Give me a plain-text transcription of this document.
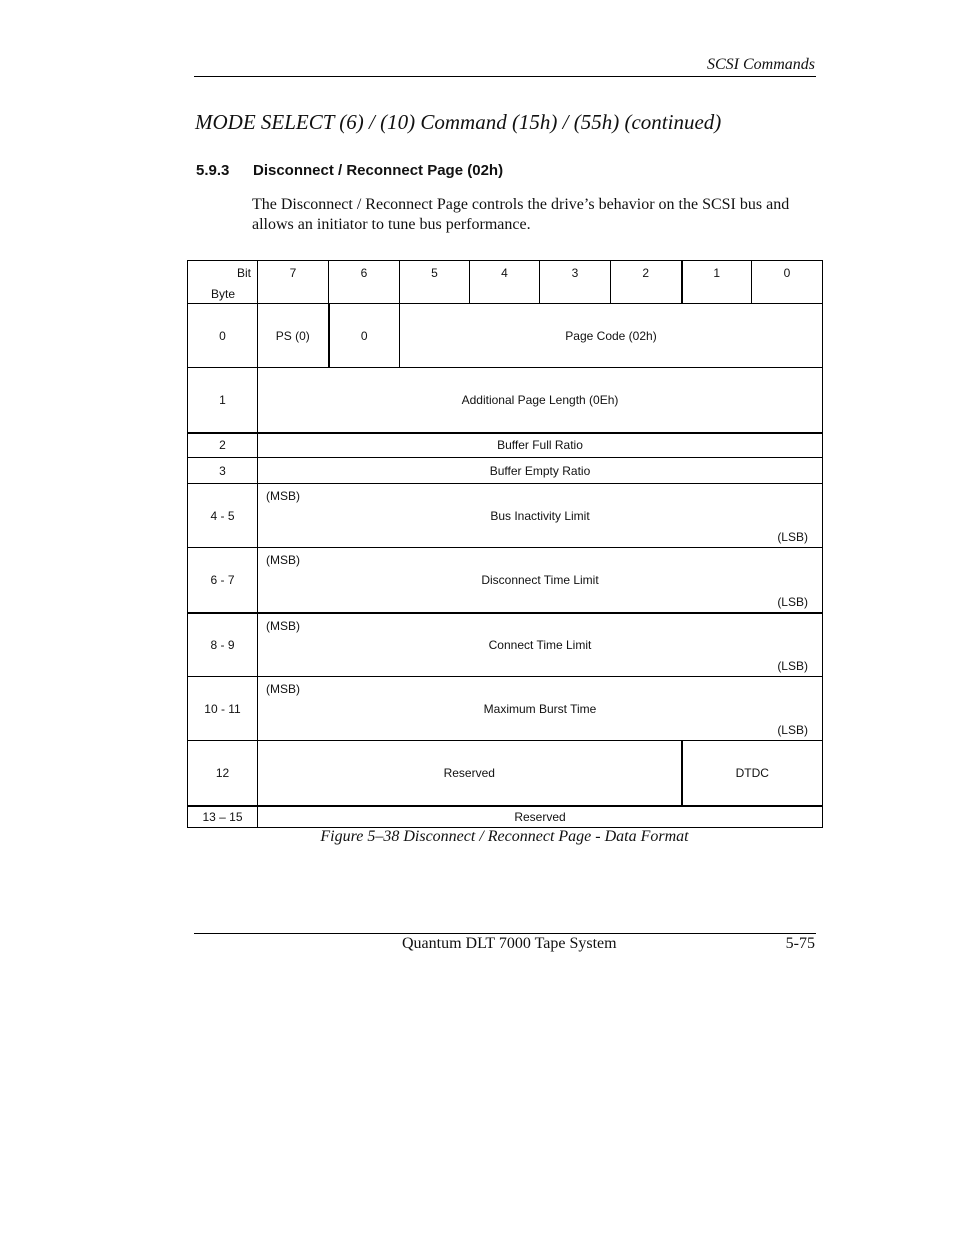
SCSI Commands
MODE SELECT (6) / (10) Command (15h) / (55h) (continued)
5.9.3 Disconnect / Reconnect Page (02h)
The Disconnect / Reconnect Page controls the drive’s behavior on the SCSI bus and allows an initiator to tune bus performance.
Bit
Byte	7	6	5	4	3	2	1	0

0	PS (0)	0	Page Code (02h)					
1	Additional Page Length (0Eh)							
2	Buffer Full Ratio							
3	Buffer Empty Ratio							
4 - 5	(MSB)
Bus Inactivity Limit
(LSB)							

6 - 7	(MSB)
Disconnect Time Limit
(LSB)							

8 - 9	(MSB)
Connect Time Limit
(LSB)							

10 - 11	(MSB)
Maximum Burst Time
(LSB)							

12	Reserved						DTDC	
13 – 15	Reserved							
Figure 5–38 Disconnect / Reconnect Page - Data Format
Quantum DLT 7000 Tape System	5-75
